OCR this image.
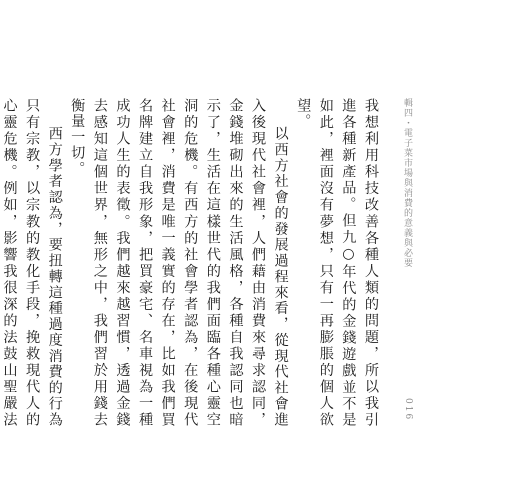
輯四・電子菜市場與消費的意義與必要

我想利用科技改善各種人類的問題，所以我引進各種新產品。但九○年代的金錢遊戲並不是如此，裡面沒有夢想，只有一再膨脹的個人欲望。

以西方社會的發展過程來看，從現代社會進入後現代社會裡，人們藉由消費來尋求認同，金錢堆砌出來的生活風格，各種自我認同也暗示了，生活在這樣世代的我們面臨各種心靈空洞的危機。有西方的社會學者認為，在後現代社會裡，消費是唯一義實的存在，比如我們買名牌建立自我形象，把買豪宅、名車視為一種成功人生的表徵。我們越來越習慣，透過金錢去感知這個世界，無形之中，我們習於用錢去衡量一切。

西方學者認為，要扭轉這種過度消費的行為只有宗教，以宗教的教化手段，挽救現代人的心靈危機。例如，影響我很深的法鼓山聖嚴法	016
